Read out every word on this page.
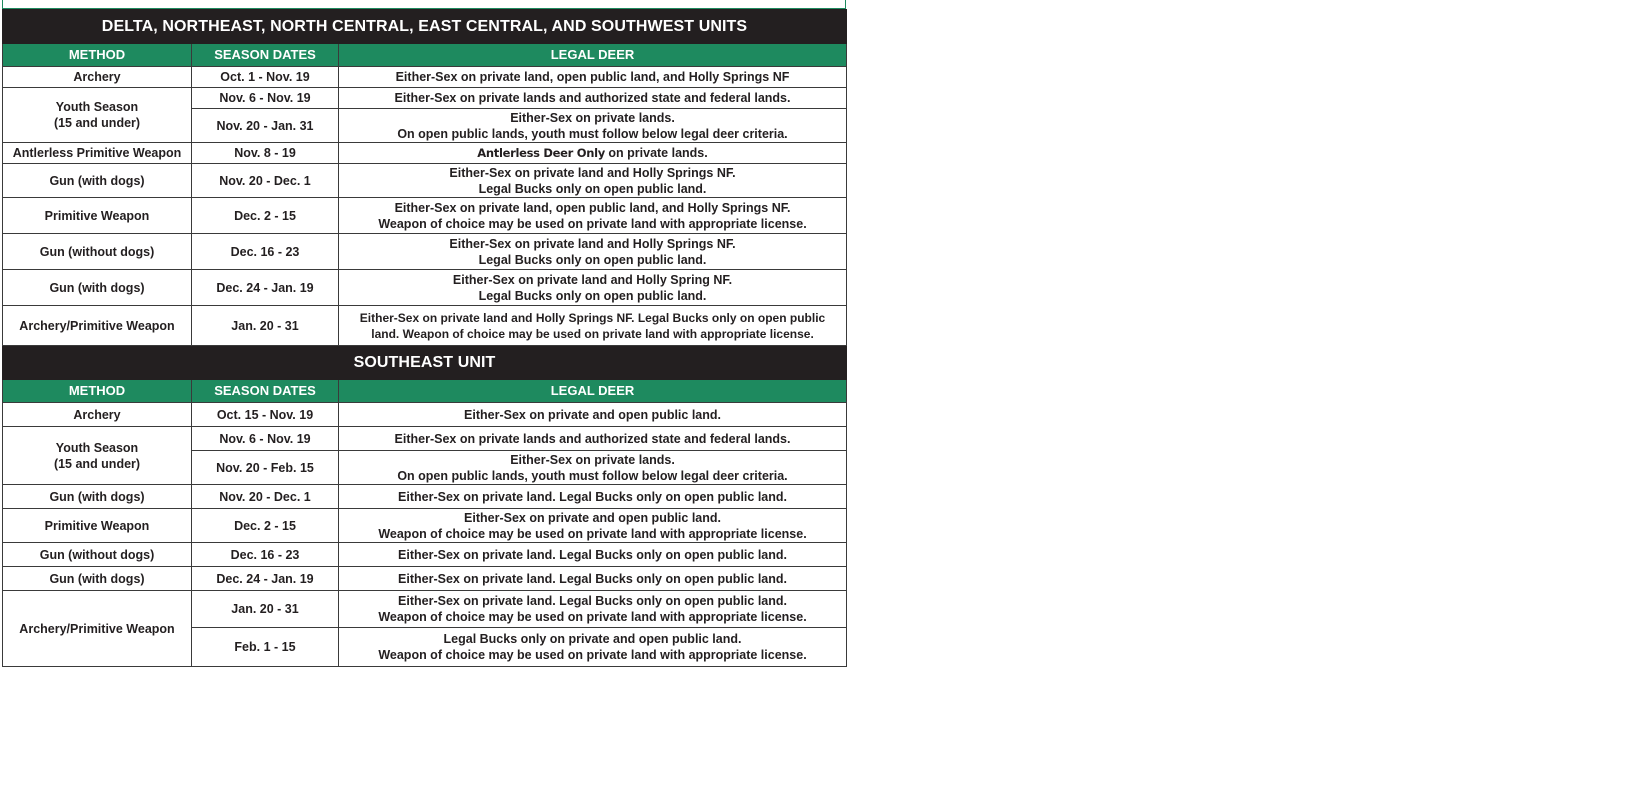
DELTA, NORTHEAST, NORTH CENTRAL, EAST CENTRAL, AND SOUTHWEST UNITS		
METHOD	SEASON DATES	LEGAL DEER
Archery	Oct. 1 - Nov. 19	Either-Sex on private land, open public land, and Holly Springs NF

Youth Season
(15 and under)	Nov. 6 - Nov. 19	Either-Sex on private lands and authorized state and federal lands.
	Nov. 20 - Jan. 31	Either-Sex on private lands.
On open public lands, youth must follow below legal deer criteria.

Antlerless Primitive Weapon	Nov. 8 - 19	Antlerless Deer Only on private lands.
Gun (with dogs)	Nov. 20 - Dec. 1	Either-Sex on private land and Holly Springs NF.
Legal Bucks only on open public land.

Primitive Weapon	Dec. 2 - 15	Either-Sex on private land, open public land, and Holly Springs NF.
Weapon of choice may be used on private land with appropriate license.

Gun (without dogs)	Dec. 16 - 23	Either-Sex on private land and Holly Springs NF.
Legal Bucks only on open public land.

Gun (with dogs)	Dec. 24 - Jan. 19	Either-Sex on private land and Holly Spring NF.
Legal Bucks only on open public land.

Archery/Primitive Weapon	Jan. 20 - 31	Either-Sex on private land and Holly Springs NF. Legal Bucks only on open public
land. Weapon of choice may be used on private land with appropriate license.

SOUTHEAST UNIT		
METHOD	SEASON DATES	LEGAL DEER
Archery	Oct. 15 - Nov. 19	Either-Sex on private and open public land.

Youth Season
(15 and under)	Nov. 6 - Nov. 19	Either-Sex on private lands and authorized state and federal lands.
	Nov. 20 - Feb. 15	Either-Sex on private lands.
On open public lands, youth must follow below legal deer criteria.

Gun (with dogs)	Nov. 20 - Dec. 1	Either-Sex on private land. Legal Bucks only on open public land.
Primitive Weapon	Dec. 2 - 15	Either-Sex on private and open public land.
Weapon of choice may be used on private land with appropriate license.

Gun (without dogs)	Dec. 16 - 23	Either-Sex on private land. Legal Bucks only on open public land.
Gun (with dogs)	Dec. 24 - Jan. 19	Either-Sex on private land. Legal Bucks only on open public land.
Archery/Primitive Weapon	Jan. 20 - 31	Either-Sex on private land. Legal Bucks only on open public land.
Weapon of choice may be used on private land with appropriate license.

	Feb. 1 - 15	Legal Bucks only on private and open public land.
Weapon of choice may be used on private land with appropriate license.
